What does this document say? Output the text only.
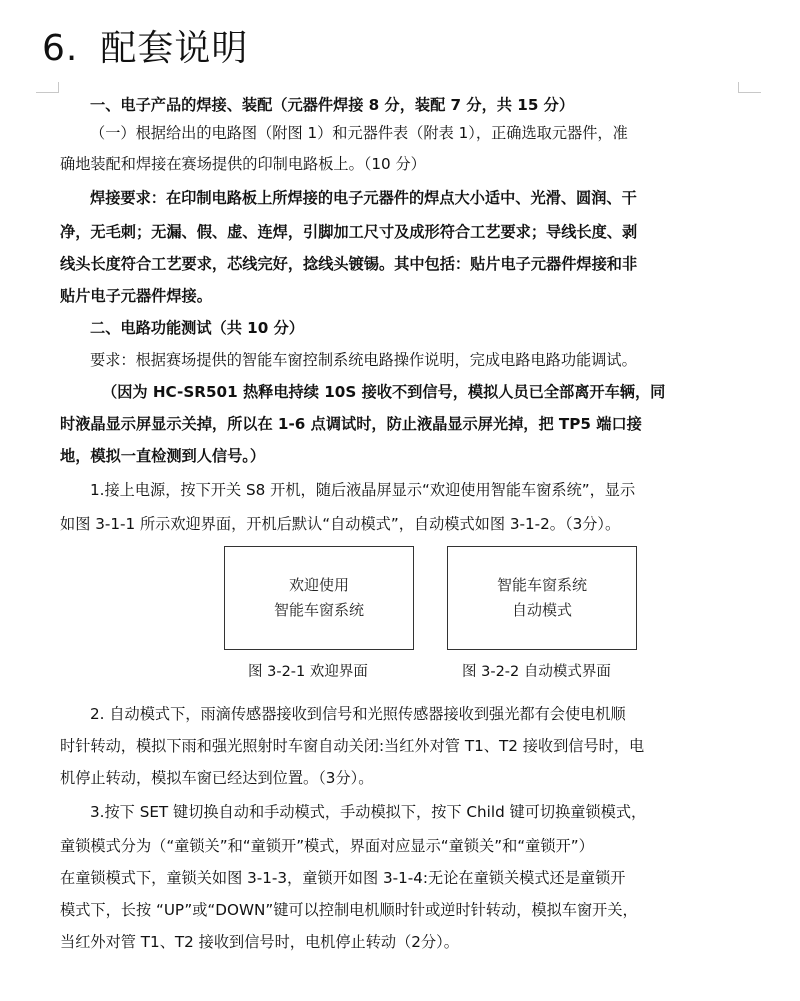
6. 配套说明
一、电子产品的焊接、装配（元器件焊接 8 分，装配 7 分，共 15 分）
（一）根据给出的电路图（附图 1）和元器件表（附表 1），正确选取元器件，准
确地装配和焊接在赛场提供的印制电路板上。（10 分）
焊接要求：在印制电路板上所焊接的电子元器件的焊点大小适中、光滑、圆润、干
净，无毛刺；无漏、假、虚、连焊，引脚加工尺寸及成形符合工艺要求；导线长度、剥
线头长度符合工艺要求，芯线完好，捻线头镀锡。其中包括：贴片电子元器件焊接和非
贴片电子元器件焊接。
二、电路功能测试（共 10 分）
要求：根据赛场提供的智能车窗控制系统电路操作说明，完成电路电路功能调试。
（因为 HC-SR501 热释电持续 10S 接收不到信号，模拟人员已全部离开车辆，同
时液晶显示屏显示关掉，所以在 1-6 点调试时，防止液晶显示屏光掉，把 TP5 端口接
地，模拟一直检测到人信号。）
1.接上电源，按下开关 S8 开机，随后液晶屏显示“欢迎使用智能车窗系统”，显示
如图 3-1-1 所示欢迎界面，开机后默认“自动模式”，自动模式如图 3-1-2。（3分）。
欢迎使用
智能车窗系统
智能车窗系统
自动模式
图 3-2-1 欢迎界面	图 3-2-2 自动模式界面
2. 自动模式下，雨滴传感器接收到信号和光照传感器接收到强光都有会使电机顺
时针转动，模拟下雨和强光照射时车窗自动关闭:当红外对管 T1、T2 接收到信号时，电
机停止转动，模拟车窗已经达到位置。（3分）。
3.按下 SET 键切换自动和手动模式，手动模拟下，按下 Child 键可切换童锁模式，
童锁模式分为（“童锁关”和“童锁开”模式，界面对应显示“童锁关”和“童锁开”）
在童锁模式下，童锁关如图 3-1-3，童锁开如图 3-1-4:无论在童锁关模式还是童锁开
模式下，长按 “UP”或“DOWN”键可以控制电机顺时针或逆时针转动，模拟车窗开关，
当红外对管 T1、T2 接收到信号时，电机停止转动（2分）。
